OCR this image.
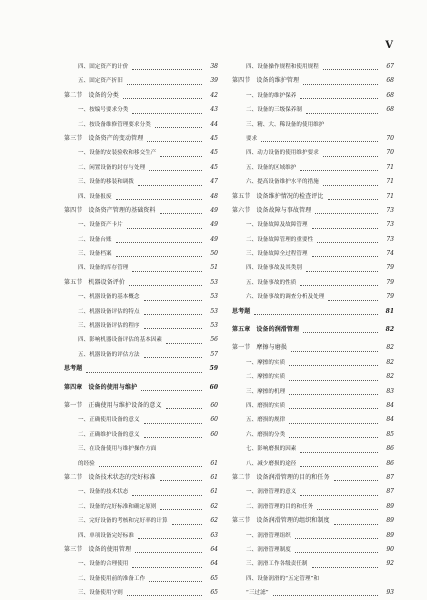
V
四、固定资产的计价	38
五、固定资产折旧	39
第二节　设备的分类	42
一、按编号要求分类	43
二、按设备维修管理要求分类	44
第三节　设备资产的变动管理	45
一、设备的安装验收和移交生产	45
二、闲置设备的封存与处理	45
三、设备的移装和调拨	47
四、设备报废	48
第四节　设备资产管理的基础资料	49
一、设备资产卡片	49
二、设备台账	49
三、设备档案	50
四、设备的库存管理	51
第五节　机器设备评价	53
一、机器设备的基本概念	53
二、机器设备评估的特点	53
三、机器设备评估的程序	53
四、影响机器设备评估的基本因素	56
五、机器设备的评估方法	57
思考题	59
第四章　设备的使用与维护	60
第一节　正确使用与维护设备的意义	60
一、正确使用设备的意义	60
二、正确维护设备的意义	60
三、在设备使用与维护操作方面
的经验	61
第二节　设备技术状态的完好标准	61
一、设备的技术状态	61
二、设备的完好标准和确定原则	62
三、完好设备的考核和完好率的计算	62
四、单项设备完好标准	63
第三节　设备的使用管理	64
一、设备的合理使用	64
二、设备使用前的准备工作	65
三、设备使用守则	65
四、设备操作规程和使用规程	67
第四节　设备的维护管理	68
一、设备的维护保养	68
二、设备的三级保养制	68
三、精、大、稀设备的使用维护
要求	70
四、动力设备的使用维护要求	70
五、设备的区域维护	71
六、提高设备维护水平的措施	71
第五节　设备维护情况的检查评比	71
第六节　设备故障与事故管理	73
一、设备故障及故障管理	73
二、设备故障管理的重要性	73
三、设备故障全过程管理	74
四、设备事故及其类别	79
五、设备事故的性质	79
六、设备事故的调查分析及处理	79
思考题	81
第五章　设备的润滑管理	82
第一节　摩擦与磨损	82
一、摩擦的实质	82
二、摩擦的实质	82
三、摩擦的机理	83
四、磨损的实质	84
五、磨损的规律	84
六、磨损的分类	85
七、影响磨损的因素	86
八、减少磨损的途径	86
第二节　设备润滑管理的目的和任务	87
一、润滑管理的意义	87
二、润滑管理的目的和任务	89
第三节　设备润滑管理的组织和制度	89
一、润滑管理组织	89
二、润滑管理制度	90
三、润滑工作各级责任制	92
四、设备润滑的“五定管理”和
“三过滤”	93
